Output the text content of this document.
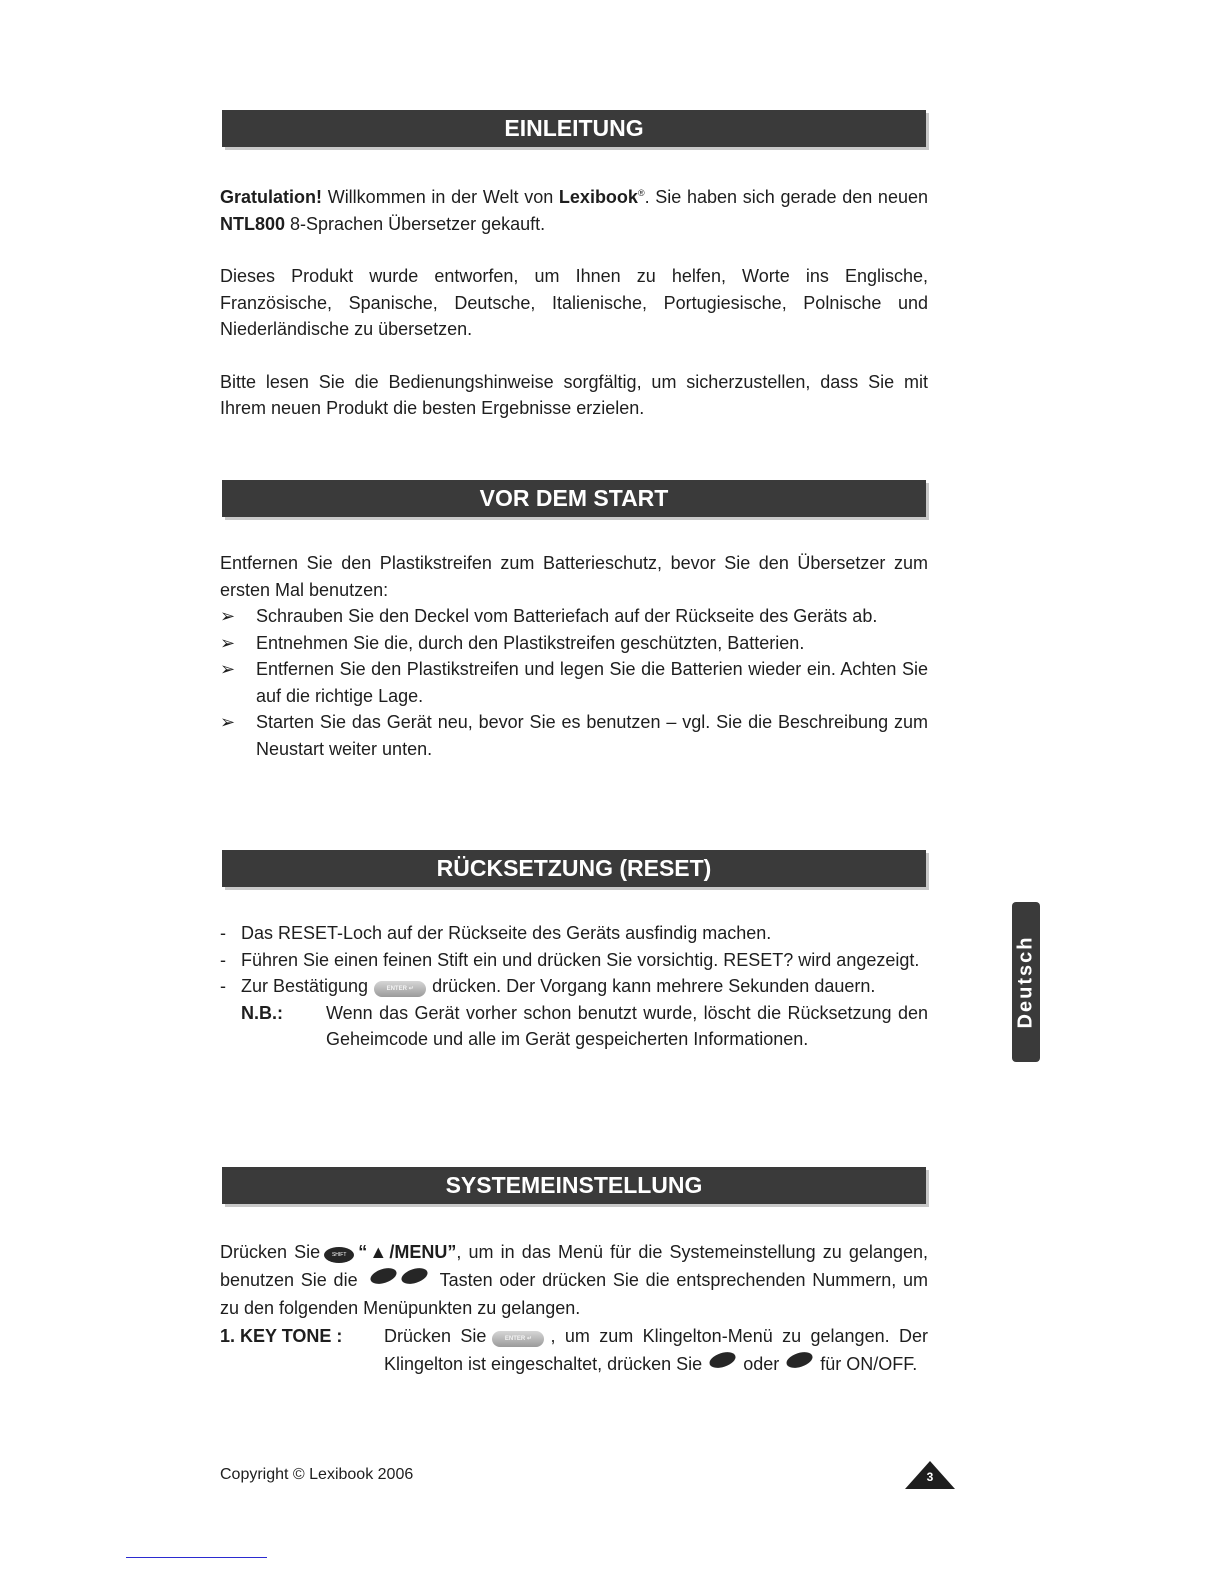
EINLEITUNG

Gratulation! Willkommen in der Welt von Lexibook®. Sie haben sich gerade den neuen NTL800 8-Sprachen Übersetzer gekauft.

Dieses Produkt wurde entworfen, um Ihnen zu helfen, Worte ins Englische, Französische, Spanische, Deutsche, Italienische, Portugiesische, Polnische und Niederländische zu übersetzen.

Bitte lesen Sie die Bedienungshinweise sorgfältig, um sicherzustellen, dass Sie mit Ihrem neuen Produkt die besten Ergebnisse erzielen.

VOR DEM START

Entfernen Sie den Plastikstreifen zum Batterieschutz, bevor Sie den Übersetzer zum ersten Mal benutzen:

➢ Schrauben Sie den Deckel vom Batteriefach auf der Rückseite des Geräts ab.
➢ Entnehmen Sie die, durch den Plastikstreifen geschützten, Batterien.
➢ Entfernen Sie den Plastikstreifen und legen Sie die Batterien wieder ein. Achten Sie auf die richtige Lage.
➢ Starten Sie das Gerät neu, bevor Sie es benutzen – vgl. Sie die Beschreibung zum Neustart weiter unten.
RÜCKSETZUNG (RESET)
- Das RESET-Loch auf der Rückseite des Geräts ausfindig machen.
- Führen Sie einen feinen Stift ein und drücken Sie vorsichtig. RESET? wird angezeigt.
- Zur Bestätigung	ENTER ↵ drücken. Der Vorgang kann mehrere Sekunden dauern.
N.B.: Wenn das Gerät vorher schon benutzt wurde, löscht die Rücksetzung den Geheimcode und alle im Gerät gespeicherten Informationen.
SYSTEMEINSTELLUNG

Drücken Sie SHIFT “▲/MENU”, um in das Menü für die Systemeinstellung zu gelangen, benutzen Sie die	Tasten oder drücken Sie die entsprechenden Nummern, um zu den folgenden Menüpunkten zu gelangen.

1. KEY TONE : Drücken Sie	ENTER ↵ , um zum Klingelton-Menü zu gelangen. Der Klingelton ist eingeschaltet, drücken Sie oder für ON/OFF.
Deutsch
Copyright © Lexibook 2006	3
